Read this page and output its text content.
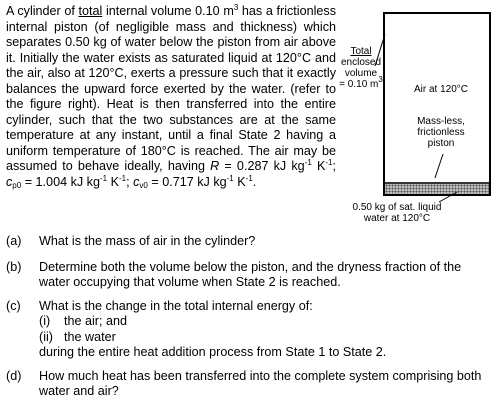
A cylinder of total internal volume 0.10 $m^3$ has a frictionless internal piston (of negligible mass and thickness) which separates 0.50 kg of water below the piston from air above it. Initially the water exists as saturated liquid at 120°C and the air, also at 120°C, exerts a pressure such that it exactly balances the upward force exerted by the water. (refer to the figure right). Heat is then transferred into the entire cylinder, such that the two substances are at the same temperature at any instant, until a final State 2 having a uniform temperature of 180°C is reached. The air may be assumed to behave ideally, having R = 0.287 kJ $kg^{-1}$ $K^{-1}$; $c_{p0} = 1.004$ kJ $kg^{-1}$ $K^{-1}$; $c_{v0} = 0.717$ kJ $kg^{-1}$ $K^{-1}$.

Total
enclosed
volume
= 0.10 $m^3$
Air at 120°C
Mass-less,
frictionless
piston
0.50 kg of sat. liquid
water at 120°C
(a) What is the mass of air in the cylinder?
(b) Determine both the volume below the piston, and the dryness fraction of the water occupying that volume when State 2 is reached.
(c) What is the change in the total internal energy of:
(i) the air; and
(ii) the water
during the entire heat addition process from State 1 to State 2.
(d) How much heat has been transferred into the complete system comprising both water and air?
